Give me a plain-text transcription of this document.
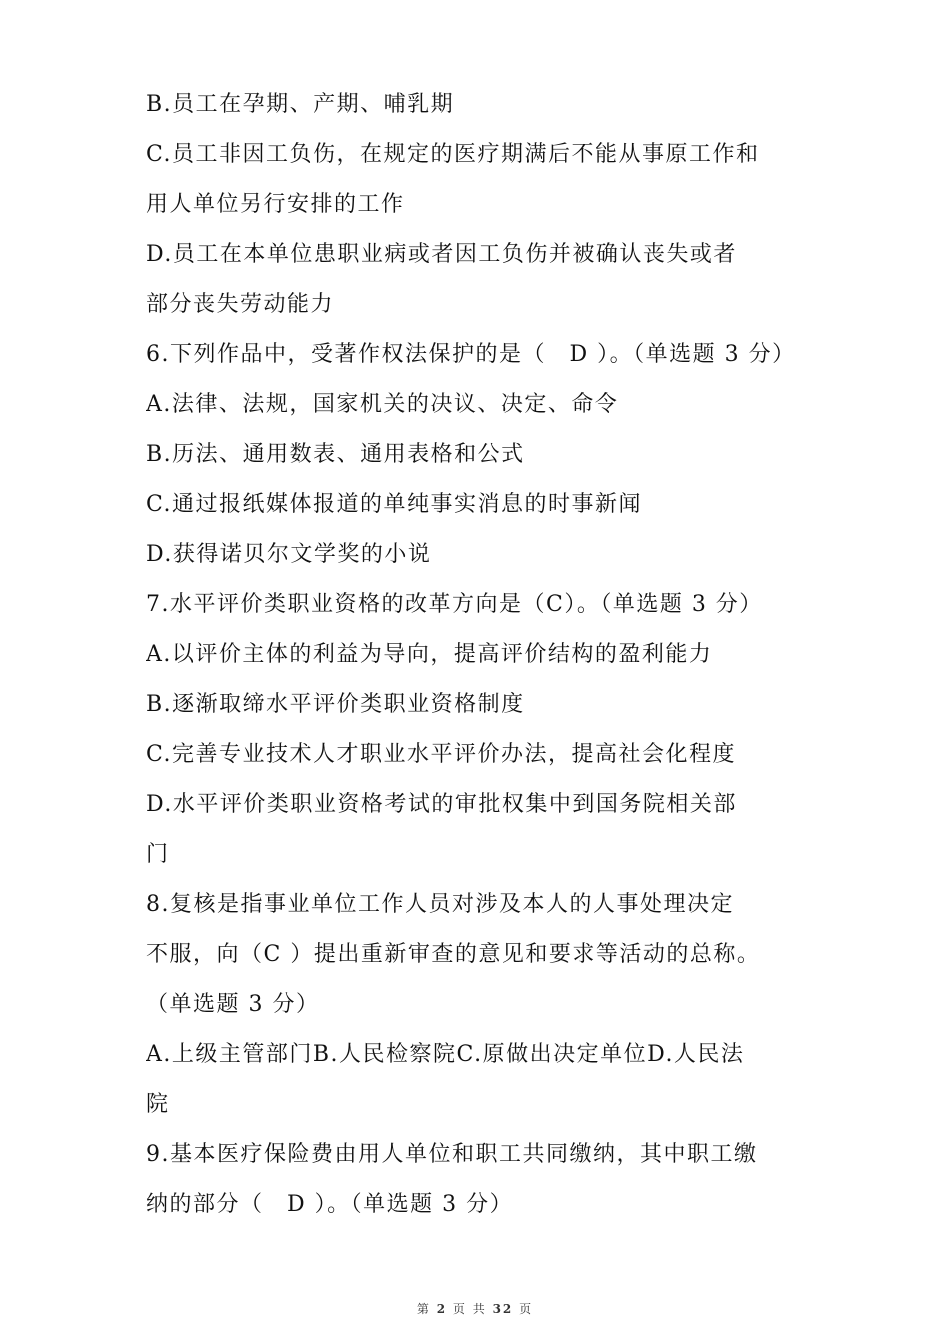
B.员工在孕期、产期、哺乳期
C.员工非因工负伤，在规定的医疗期满后不能从事原工作和
用人单位另行安排的工作
D.员工在本单位患职业病或者因工负伤并被确认丧失或者
部分丧失劳动能力
6.下列作品中，受著作权法保护的是（　D ）。（单选题 3 分）
A.法律、法规，国家机关的决议、决定、命令
B.历法、通用数表、通用表格和公式
C.通过报纸媒体报道的单纯事实消息的时事新闻
D.获得诺贝尔文学奖的小说
7.水平评价类职业资格的改革方向是（C）。（单选题 3 分）
A.以评价主体的利益为导向，提高评价结构的盈利能力
B.逐渐取缔水平评价类职业资格制度
C.完善专业技术人才职业水平评价办法，提高社会化程度
D.水平评价类职业资格考试的审批权集中到国务院相关部
门
8.复核是指事业单位工作人员对涉及本人的人事处理决定
不服，向（C ）提出重新审查的意见和要求等活动的总称。
（单选题 3 分）
A.上级主管部门B.人民检察院C.原做出决定单位D.人民法
院
9.基本医疗保险费由用人单位和职工共同缴纳，其中职工缴
纳的部分（　D ）。（单选题 3 分）
第 2 页 共 32 页
